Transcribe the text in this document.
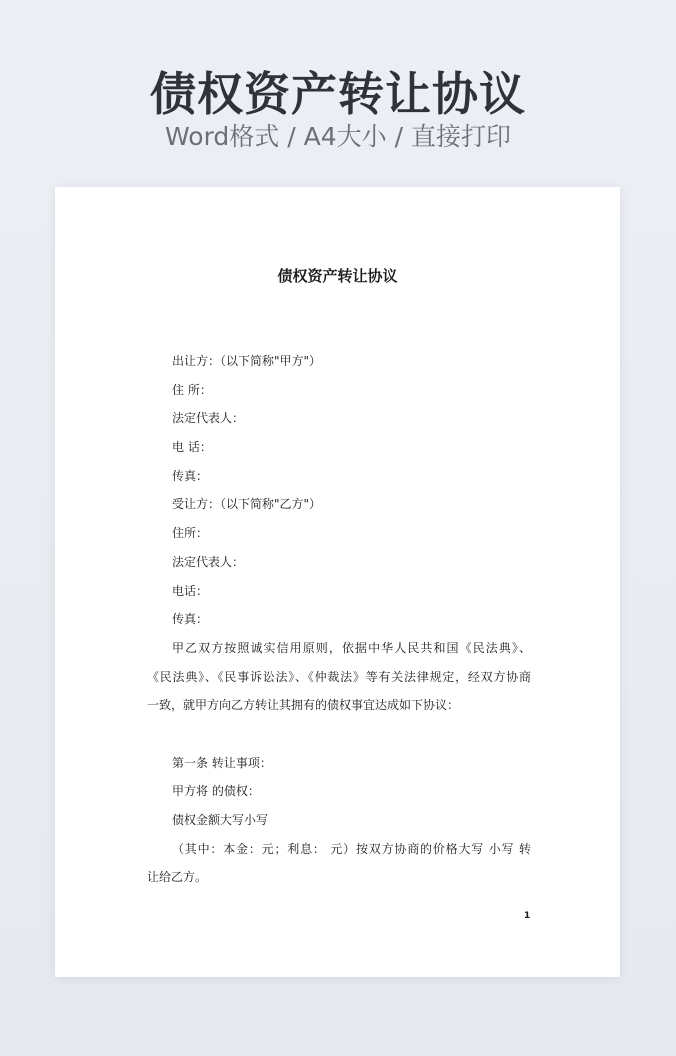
债权资产转让协议
Word格式 / A4大小 / 直接打印
债权资产转让协议
出让方：（以下简称"甲方"）
住 所：
法定代表人：
电 话：
传真：
受让方：（以下简称"乙方"）
住所：
法定代表人：
电话：
传真：
甲乙双方按照诚实信用原则，依据中华人民共和国《民法典》、
《民法典》、《民事诉讼法》、《仲裁法》等有关法律规定，经双方协商
一致，就甲方向乙方转让其拥有的债权事宜达成如下协议：
第一条 转让事项：
甲方将 的债权：
债权金额大写小写
（其中：本金：元；利息： 元）按双方协商的价格大写 小写 转
让给乙方。
1
